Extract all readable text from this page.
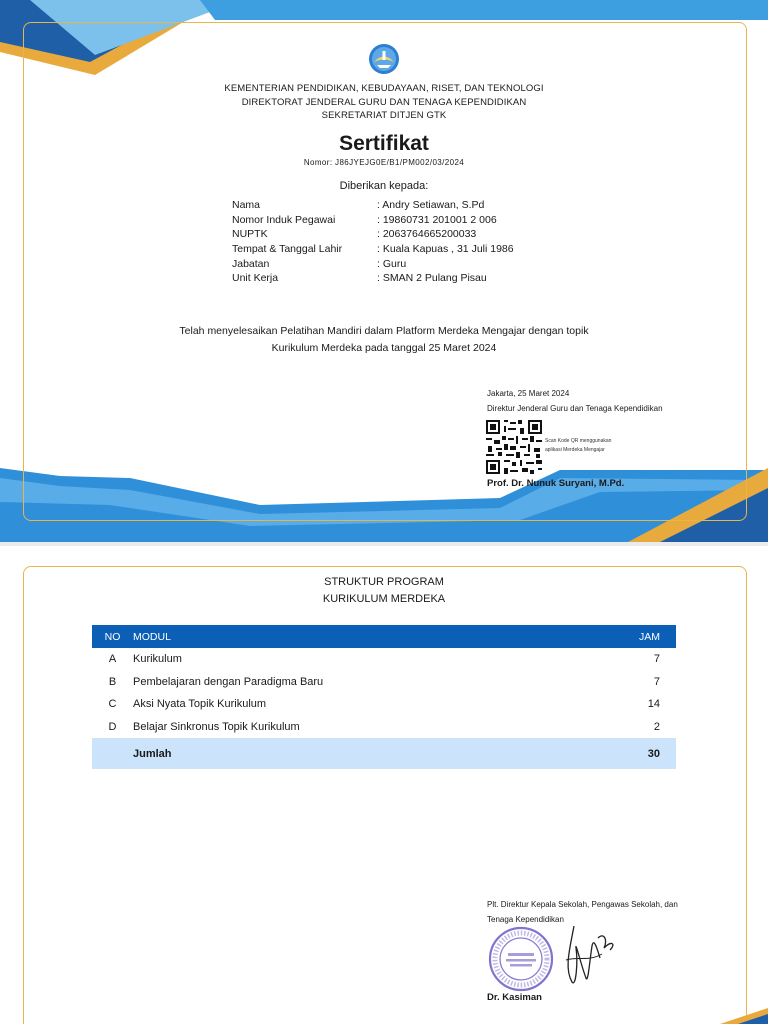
KEMENTERIAN PENDIDIKAN, KEBUDAYAAN, RISET, DAN TEKNOLOGI
DIREKTORAT JENDERAL GURU DAN TENAGA KEPENDIDIKAN
SEKRETARIAT DITJEN GTK
Sertifikat
Nomor: J86JYEJG0E/B1/PM002/03/2024
Diberikan kepada:
Nama	: Andry Setiawan, S.Pd
Nomor Induk Pegawai	: 19860731 201001 2 006
NUPTK	: 2063764665200033
Tempat & Tanggal Lahir	: Kuala Kapuas , 31 Juli 1986
Jabatan	: Guru
Unit Kerja	: SMAN 2 Pulang Pisau
Telah menyelesaikan Pelatihan Mandiri dalam Platform Merdeka Mengajar dengan topik
Kurikulum Merdeka pada tanggal 25 Maret 2024
Jakarta, 25 Maret 2024
Direktur Jenderal Guru dan Tenaga Kependidikan
Scan Kode QR menggunakan
aplikasi Merdeka Mengajar
Prof. Dr. Nunuk Suryani, M.Pd.
STRUKTUR PROGRAM
KURIKULUM MERDEKA
NO	MODUL	JAM
A	Kurikulum	7
B	Pembelajaran dengan Paradigma Baru	7
C	Aksi Nyata Topik Kurikulum	14
D	Belajar Sinkronus Topik Kurikulum	2
	Jumlah	30
Plt. Direktur Kepala Sekolah, Pengawas Sekolah, dan
Tenaga Kependidikan
Dr. Kasiman
